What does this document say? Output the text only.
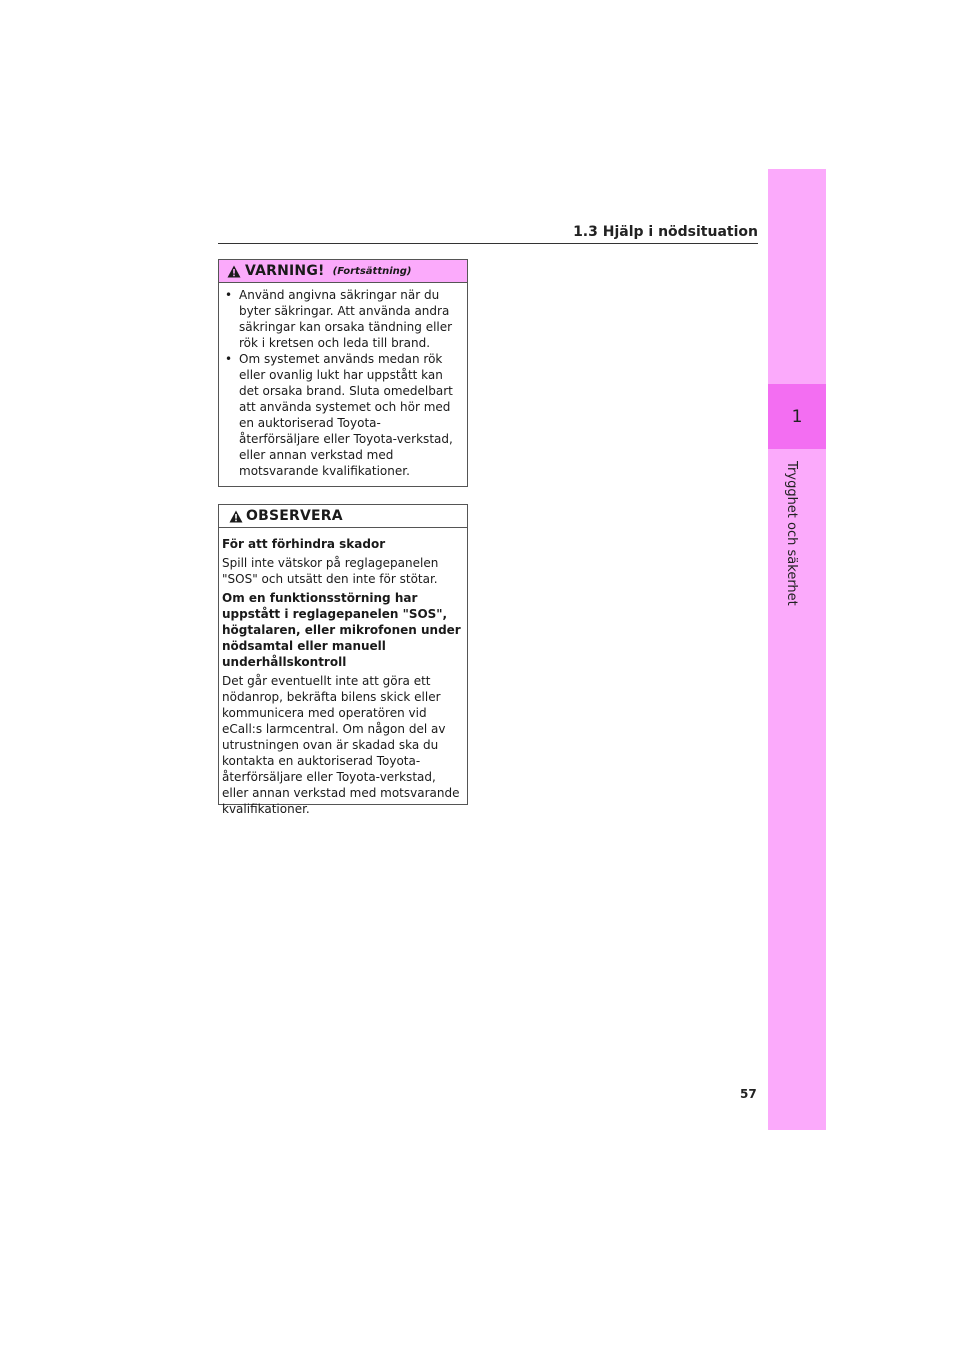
1
Trygghet och säkerhet
1.3 Hjälp i nödsituation
VARNING! (Fortsättning)
• Använd angivna säkringar när du byter säkringar. Att använda andra säkringar kan orsaka tändning eller rök i kretsen och leda till brand.
• Om systemet används medan rök eller ovanlig lukt har uppstått kan det orsaka brand. Sluta omedelbart att använda systemet och hör med en auktoriserad Toyota-återförsäljare eller Toyota-verkstad, eller annan verkstad med motsvarande kvalifikationer.
OBSERVERA

För att förhindra skador

Spill inte vätskor på reglagepanelen "SOS" och utsätt den inte för stötar.

Om en funktionsstörning har uppstått i reglagepanelen "SOS", högtalaren, eller mikrofonen under nödsamtal eller manuell underhållskontroll

Det går eventuellt inte att göra ett nödanrop, bekräfta bilens skick eller kommunicera med operatören vid eCall:s larmcentral. Om någon del av utrustningen ovan är skadad ska du kontakta en auktoriserad Toyota-återförsäljare eller Toyota-verkstad, eller annan verkstad med motsvarande kvalifikationer.

57
